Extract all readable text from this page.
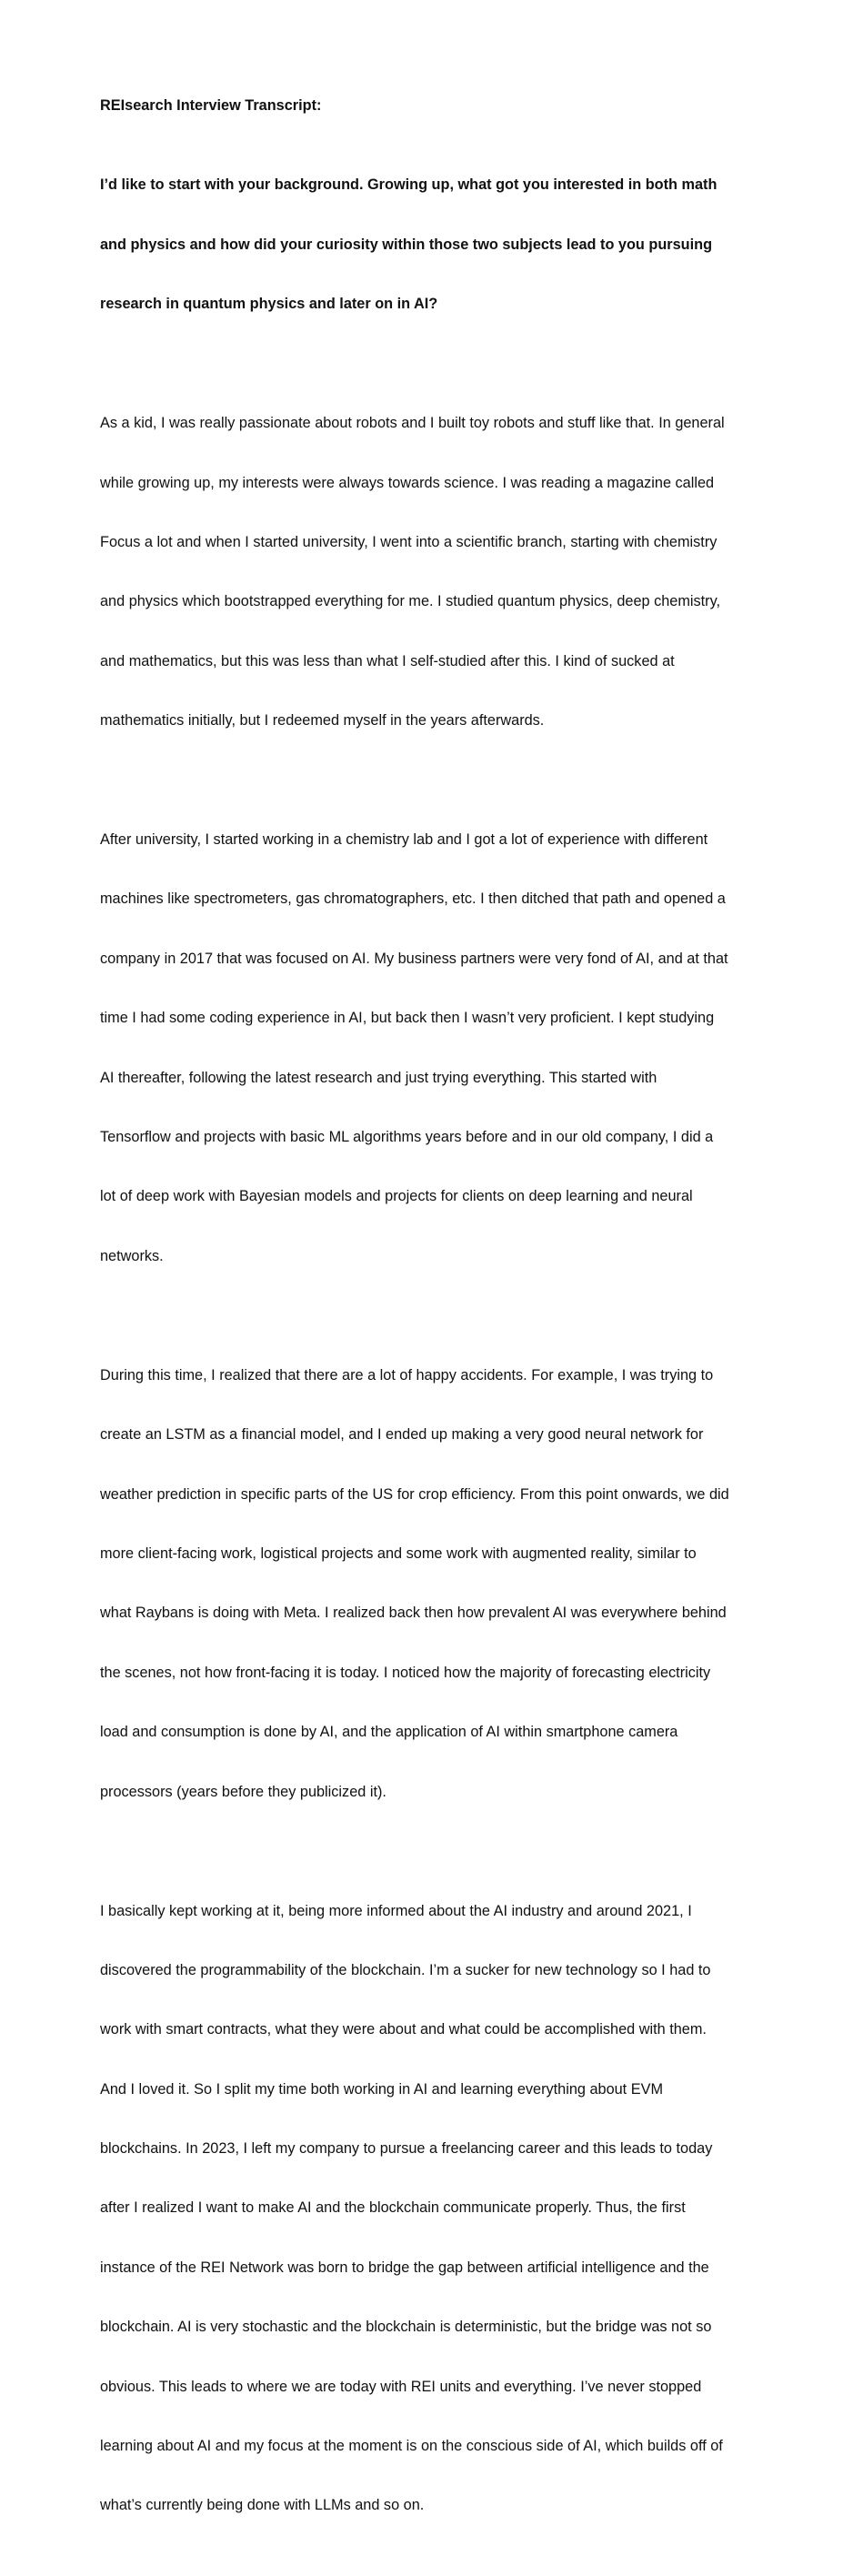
REIsearch Interview Transcript:

I’d like to start with your background. Growing up, what got you interested in both math

and physics and how did your curiosity within those two subjects lead to you pursuing

research in quantum physics and later on in AI?

As a kid, I was really passionate about robots and I built toy robots and stuff like that. In general

while growing up, my interests were always towards science. I was reading a magazine called

Focus a lot and when I started university, I went into a scientific branch, starting with chemistry

and physics which bootstrapped everything for me. I studied quantum physics, deep chemistry,

and mathematics, but this was less than what I self-studied after this. I kind of sucked at

mathematics initially, but I redeemed myself in the years afterwards.

After university, I started working in a chemistry lab and I got a lot of experience with different

machines like spectrometers, gas chromatographers, etc. I then ditched that path and opened a

company in 2017 that was focused on AI. My business partners were very fond of AI, and at that

time I had some coding experience in AI, but back then I wasn’t very proficient. I kept studying

AI thereafter, following the latest research and just trying everything. This started with

Tensorflow and projects with basic ML algorithms years before and in our old company, I did a

lot of deep work with Bayesian models and projects for clients on deep learning and neural

networks.

During this time, I realized that there are a lot of happy accidents. For example, I was trying to

create an LSTM as a financial model, and I ended up making a very good neural network for

weather prediction in specific parts of the US for crop efficiency. From this point onwards, we did

more client-facing work, logistical projects and some work with augmented reality, similar to

what Raybans is doing with Meta. I realized back then how prevalent AI was everywhere behind

the scenes, not how front-facing it is today. I noticed how the majority of forecasting electricity

load and consumption is done by AI, and the application of AI within smartphone camera

processors (years before they publicized it).

I basically kept working at it, being more informed about the AI industry and around 2021, I

discovered the programmability of the blockchain. I’m a sucker for new technology so I had to

work with smart contracts, what they were about and what could be accomplished with them.

And I loved it. So I split my time both working in AI and learning everything about EVM

blockchains. In 2023, I left my company to pursue a freelancing career and this leads to today

after I realized I want to make AI and the blockchain communicate properly. Thus, the first

instance of the REI Network was born to bridge the gap between artificial intelligence and the

blockchain. AI is very stochastic and the blockchain is deterministic, but the bridge was not so

obvious. This leads to where we are today with REI units and everything. I’ve never stopped

learning about AI and my focus at the moment is on the conscious side of AI, which builds off of

what’s currently being done with LLMs and so on.
